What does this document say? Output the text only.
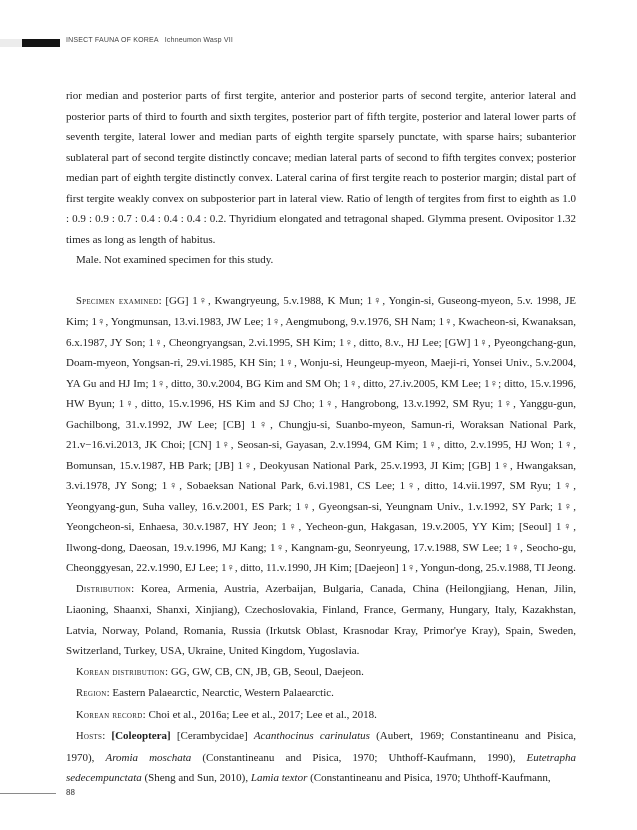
INSECT FAUNA OF KOREA Ichneumon Wasp VII

rior median and posterior parts of first tergite, anterior and posterior parts of second tergite, anterior lateral and posterior parts of third to fourth and sixth tergites, posterior part of fifth tergite, posterior and lateral lower parts of seventh tergite, lateral lower and median parts of eighth tergite sparsely punctate, with sparse hairs; subanterior sublateral part of second tergite distinctly concave; median lateral parts of second to fifth tergites convex; posterior median part of eighth tergite distinctly convex. Lateral carina of first tergite reach to posterior margin; distal part of first tergite weakly convex on subposterior part in lateral view. Ratio of length of tergites from first to eighth as 1.0 : 0.9 : 0.9 : 0.7 : 0.4 : 0.4 : 0.4 : 0.2. Thyridium elongated and tetragonal shaped. Glymma present. Ovipositor 1.32 times as long as length of habitus.

Male. Not examined specimen for this study.

Specimen examined: [GG] 1♀, Kwangryeung, 5.v.1988, K Mun; 1♀, Yongin-si, Guseong-myeon, 5.v. 1998, JE Kim; 1♀, Yongmunsan, 13.vi.1983, JW Lee; 1♀, Aengmubong, 9.v.1976, SH Nam; 1♀, Kwacheon-si, Kwanaksan, 6.x.1987, JY Son; 1♀, Cheongryangsan, 2.vi.1995, SH Kim; 1♀, ditto, 8.v., HJ Lee; [GW] 1♀, Pyeongchang-gun, Doam-myeon, Yongsan-ri, 29.vi.1985, KH Sin; 1♀, Wonju-si, Heungeup-myeon, Maeji-ri, Yonsei Univ., 5.v.2004, YA Gu and HJ Im; 1♀, ditto, 30.v.2004, BG Kim and SM Oh; 1♀, ditto, 27.iv.2005, KM Lee; 1♀; ditto, 15.v.1996, HW Byun; 1♀, ditto, 15.v.1996, HS Kim and SJ Cho; 1♀, Hangrobong, 13.v.1992, SM Ryu; 1♀, Yanggu-gun, Gachilbong, 31.v.1992, JW Lee; [CB] 1♀, Chungju-si, Suanbo-myeon, Samun-ri, Woraksan National Park, 21.v−16.vi.2013, JK Choi; [CN] 1♀, Seosan-si, Gayasan, 2.v.1994, GM Kim; 1♀, ditto, 2.v.1995, HJ Won; 1♀, Bomunsan, 15.v.1987, HB Park; [JB] 1♀, Deokyusan National Park, 25.v.1993, JI Kim; [GB] 1♀, Hwangaksan, 3.vi.1978, JY Song; 1♀, Sobaeksan National Park, 6.vi.1981, CS Lee; 1♀, ditto, 14.vii.1997, SM Ryu; 1♀, Yeongyang-gun, Suha valley, 16.v.2001, ES Park; 1♀, Gyeongsan-si, Yeungnam Univ., 1.v.1992, SY Park; 1♀, Yeongcheon-si, Enhaesa, 30.v.1987, HY Jeon; 1♀, Yecheon-gun, Hakgasan, 19.v.2005, YY Kim; [Seoul] 1♀, Ilwong-dong, Daeosan, 19.v.1996, MJ Kang; 1♀, Kangnam-gu, Seonryeung, 17.v.1988, SW Lee; 1♀, Seocho-gu, Cheonggyesan, 22.v.1990, EJ Lee; 1♀, ditto, 11.v.1990, JH Kim; [Daejeon] 1♀, Yongun-dong, 25.v.1988, TI Jeong.

Distribution: Korea, Armenia, Austria, Azerbaijan, Bulgaria, Canada, China (Heilongjiang, Henan, Jilin, Liaoning, Shaanxi, Shanxi, Xinjiang), Czechoslovakia, Finland, France, Germany, Hungary, Italy, Kazakhstan, Latvia, Norway, Poland, Romania, Russia (Irkutsk Oblast, Krasnodar Kray, Primor'ye Kray), Spain, Sweden, Switzerland, Turkey, USA, Ukraine, United Kingdom, Yugoslavia.

Korean distribution: GG, GW, CB, CN, JB, GB, Seoul, Daejeon.

Region: Eastern Palaearctic, Nearctic, Western Palaearctic.

Korean record: Choi et al., 2016a; Lee et al., 2017; Lee et al., 2018.

Hosts: [Coleoptera] [Cerambycidae] Acanthocinus carinulatus (Aubert, 1969; Constantineanu and Pisica, 1970), Aromia moschata (Constantineanu and Pisica, 1970; Uhthoff-Kaufmann, 1990), Eutetrapha sedecempunctata (Sheng and Sun, 2010), Lamia textor (Constantineanu and Pisica, 1970; Uhthoff-Kaufmann,

88
